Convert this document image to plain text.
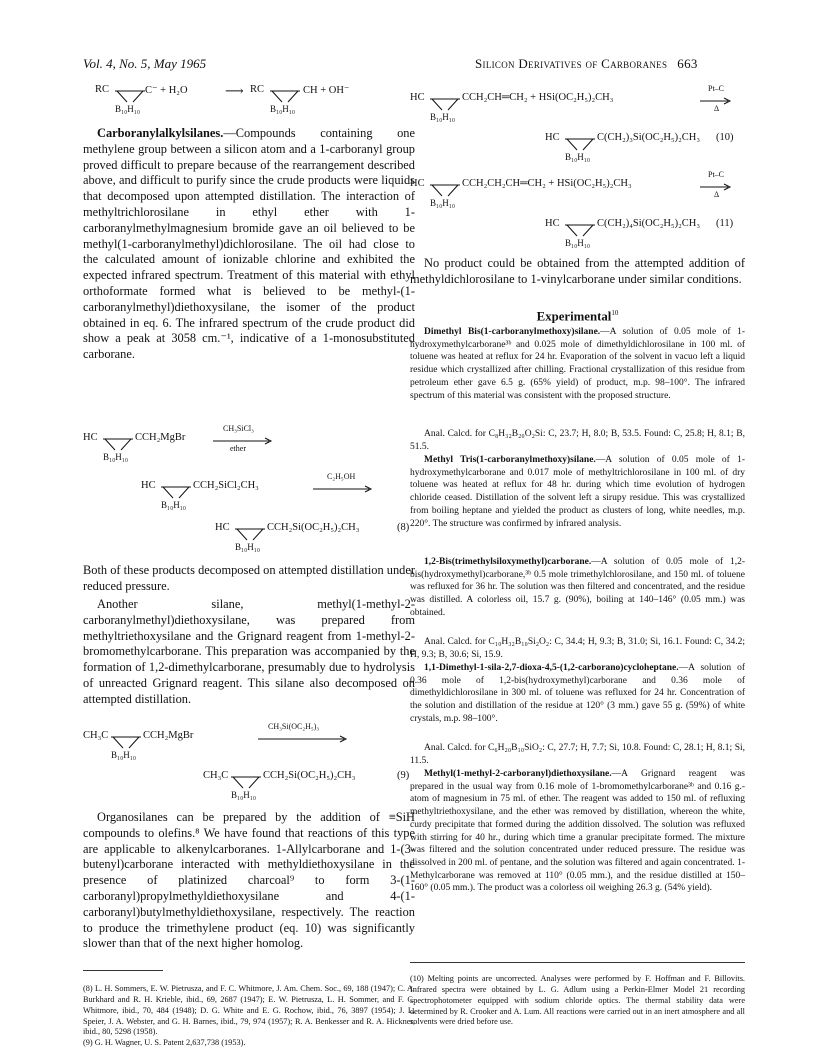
Vol. 4, No. 5, May 1965	Silicon Derivatives of Carboranes 663
RC	C⁻ + H₂O
B₁₀H₁₀
⟶ RC	CH + OH⁻
B₁₀H₁₀

Carboranylalkylsilanes.—Compounds containing one methylene group between a silicon atom and a 1-carboranyl group proved difficult to prepare because of the rearrangement described above, and difficult to purify since the crude products were liquids that decomposed upon attempted distillation. The interaction of methyltrichlorosilane in ethyl ether with 1-carboranylmethylmagnesium bromide gave an oil believed to be methyl(1-carboranylmethyl)dichlorosilane. The oil had close to the calculated amount of ionizable chlorine and exhibited the expected infrared spectrum. Treatment of this material with ethyl orthoformate formed what is believed to be methyl-(1-carboranylmethyl)diethoxysilane, the isomer of the product obtained in eq. 6. The infrared spectrum of the crude product did show a peak at 3058 cm.⁻¹, indicative of a 1-monosubstituted carborane.

HC	CCH₂MgBr
B₁₀H₁₀
CH₃SiCl₃
ether
HC	CCH₂SiCl₂CH₃
B₁₀H₁₀
C₂H₅OH
HC	CCH₂Si(OC₂H₅)₂CH₃
B₁₀H₁₀
(8)

Both of these products decomposed on attempted distillation under reduced pressure.

Another silane, methyl(1-methyl-2-carboranylmethyl)diethoxysilane, was prepared from methyltriethoxysilane and the Grignard reagent from 1-methyl-2-bromomethylcarborane. This preparation was accompanied by the formation of 1,2-dimethylcarborane, presumably due to hydrolysis of unreacted Grignard reagent. This silane also decomposed on attempted distillation.

CH₃C	CCH₂MgBr
B₁₀H₁₀
CH₃Si(OC₂H₅)₃
CH₃C	CCH₂Si(OC₂H₅)₂CH₃
B₁₀H₁₀
(9)

Organosilanes can be prepared by the addition of ≡SiH compounds to olefins.⁸ We have found that reactions of this type are applicable to alkenylcarboranes. 1-Allylcarborane and 1-(3-butenyl)carborane interacted with methyldiethoxysilane in the presence of platinized charcoal⁹ to form 3-(1-carboranyl)propylmethyldiethoxysilane and 4-(1-carboranyl)butylmethyldiethoxysilane, respectively. The reaction to produce the trimethylene product (eq. 10) was significantly slower than that of the next higher homolog.

(8) L. H. Sommers, E. W. Pietrusza, and F. C. Whitmore, J. Am. Chem. Soc., 69, 188 (1947); C. A. Burkhard and R. H. Krieble, ibid., 69, 2687 (1947); E. W. Pietrusza, L. H. Sommer, and F. C. Whitmore, ibid., 70, 484 (1948); D. G. White and E. G. Rochow, ibid., 76, 3897 (1954); J. L. Speier, J. A. Webster, and G. H. Barnes, ibid., 79, 974 (1957); R. A. Benkesser and R. A. Hickner, ibid., 80, 5298 (1958).

(9) G. H. Wagner, U. S. Patent 2,637,738 (1953).

HC	CCH₂CH═CH₂ + HSi(OC₂H₅)₂CH₃
B₁₀H₁₀
Pt–C
Δ
HC	C(CH₂)₃Si(OC₂H₅)₂CH₃
B₁₀H₁₀
(10)
HC	CCH₂CH₂CH═CH₂ + HSi(OC₂H₅)₂CH₃
B₁₀H₁₀
Pt–C
Δ
HC	C(CH₂)₄Si(OC₂H₅)₂CH₃
B₁₀H₁₀
(11)

No product could be obtained from the attempted addition of methyldichlorosilane to 1-vinylcarborane under similar conditions.

Experimental$^{10}$

Dimethyl Bis(1-carboranylmethoxy)silane.—A solution of 0.05 mole of 1-hydroxymethylcarborane³ᵇ and 0.025 mole of dimethyldichlorosilane in 100 ml. of toluene was heated at reflux for 24 hr. Evaporation of the solvent in vacuo left a liquid residue which crystallized after chilling. Fractional crystallization of this residue from petroleum ether gave 6.5 g. (65% yield) of product, m.p. 98–100°. The infrared spectrum of this material was consistent with the proposed structure.

Anal. Calcd. for C₈H₃₂B₂₀O₂Si: C, 23.7; H, 8.0; B, 53.5. Found: C, 25.8; H, 8.1; B, 51.5.

Methyl Tris(1-carboranylmethoxy)silane.—A solution of 0.05 mole of 1-hydroxymethylcarborane and 0.017 mole of methyltrichlorosilane in 100 ml. of dry toluene was heated at reflux for 48 hr. during which time evolution of hydrogen chloride ceased. Distillation of the solvent left a sirupy residue. This was crystallized from boiling heptane and yielded the product as clusters of long, white needles, m.p. 220°. The structure was confirmed by infrared analysis.

1,2-Bis(trimethylsiloxymethyl)carborane.—A solution of 0.05 mole of 1,2-bis(hydroxymethyl)carborane,³ᵇ 0.5 mole trimethylchlorosilane, and 150 ml. of toluene was refluxed for 36 hr. The solution was then filtered and concentrated, and the residue was distilled. A colorless oil, 15.7 g. (90%), boiling at 140–146° (0.05 mm.) was obtained.

Anal. Calcd. for C₁₀H₃₂B₁₀Si₂O₂: C, 34.4; H, 9.3; B, 31.0; Si, 16.1. Found: C, 34.2; H, 9.3; B, 30.6; Si, 15.9.

1,1-Dimethyl-1-sila-2,7-dioxa-4,5-(1,2-carborano)cycloheptane.—A solution of 0.36 mole of 1,2-bis(hydroxymethyl)carborane and 0.36 mole of dimethyldichlorosilane in 300 ml. of toluene was refluxed for 24 hr. Concentration of the solution and distillation of the residue at 120° (3 mm.) gave 55 g. (59%) of white crystals, m.p. 98–100°.

Anal. Calcd. for C₆H₂₀B₁₀SiO₂: C, 27.7; H, 7.7; Si, 10.8. Found: C, 28.1; H, 8.1; Si, 11.5.

Methyl(1-methyl-2-carboranyl)diethoxysilane.—A Grignard reagent was prepared in the usual way from 0.16 mole of 1-bromomethylcarborane³ᵇ and 0.16 g.-atom of magnesium in 75 ml. of ether. The reagent was added to 150 ml. of refluxing methyltriethoxysilane, and the ether was removed by distillation, whereon the white, curdy precipitate that formed during the addition dissolved. The solution was refluxed with stirring for 40 hr., during which time a granular precipitate formed. The mixture was filtered and the solution concentrated under reduced pressure. The residue was dissolved in 200 ml. of pentane, and the solution was filtered and again concentrated. 1-Methylcarborane was removed at 110° (0.05 mm.), and the residue distilled at 150–160° (0.05 mm.). The product was a colorless oil weighing 26.3 g. (54% yield).

(10) Melting points are uncorrected. Analyses were performed by F. Hoffman and F. Billovits. Infrared spectra were obtained by L. G. Adlum using a Perkin-Elmer Model 21 recording spectrophotometer equipped with sodium chloride optics. The thermal stability data were determined by R. Crooker and A. Lum. All reactions were carried out in an inert atmosphere and all solvents were dried before use.
